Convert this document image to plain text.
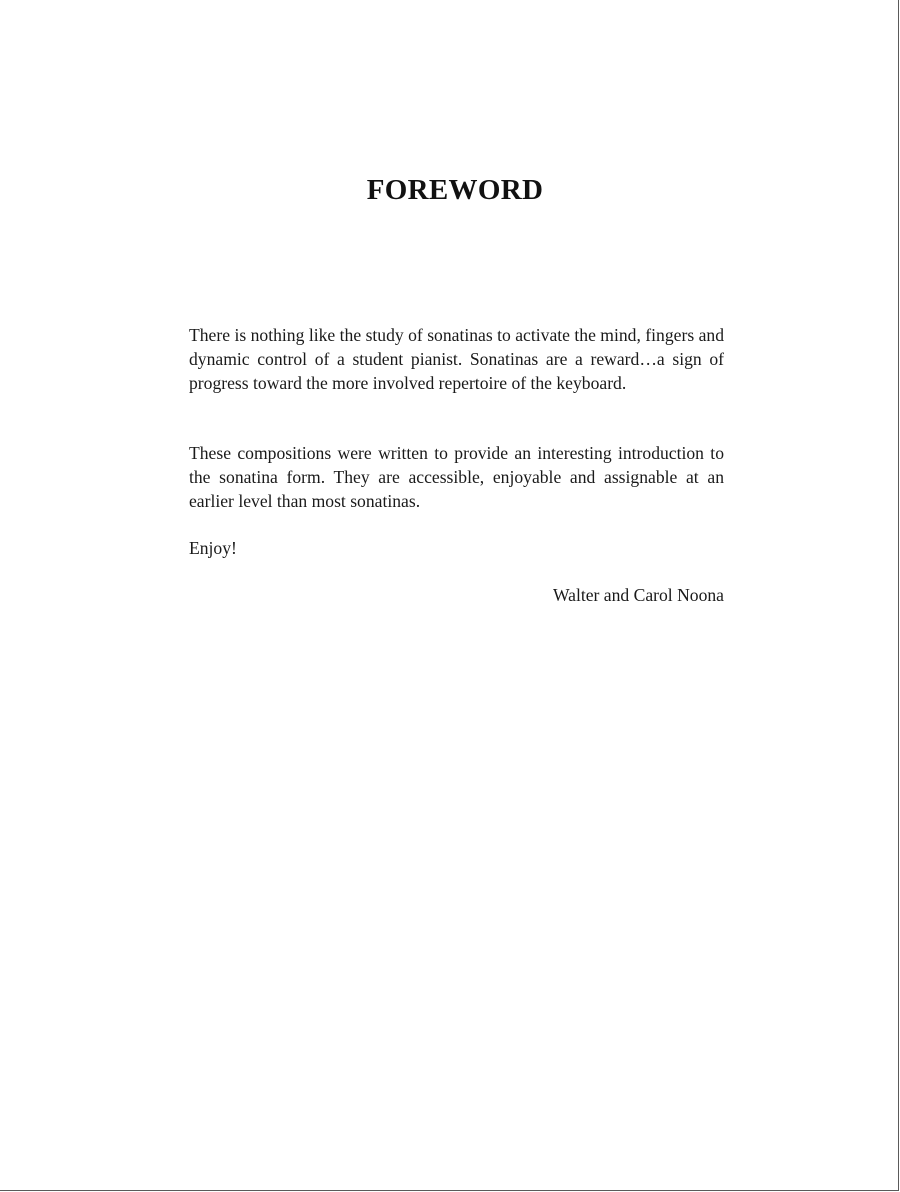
FOREWORD

There is nothing like the study of sonatinas to activate the mind, fingers and dynamic control of a student pianist. Sonatinas are a reward…a sign of progress toward the more involved repertoire of the keyboard.

These compositions were written to provide an interesting introduction to the sonatina form. They are accessible, enjoyable and assignable at an earlier level than most sonatinas.

Enjoy!

Walter and Carol Noona
